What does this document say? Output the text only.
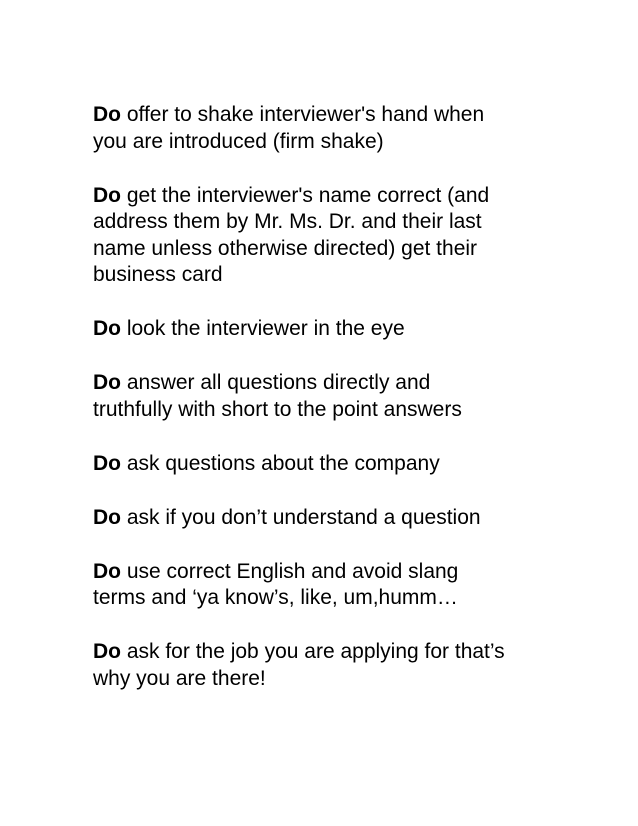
Do offer to shake interviewer's hand when
you are introduced (firm shake)

Do get the interviewer's name correct (and
address them by Mr. Ms. Dr. and their last
name unless otherwise directed) get their
business card

Do look the interviewer in the eye

Do answer all questions directly and
truthfully with short to the point answers

Do ask questions about the company

Do ask if you don’t understand a question

Do use correct English and avoid slang
terms and ‘ya know’s, like, um,humm…

Do ask for the job you are applying for that’s
why you are there!
